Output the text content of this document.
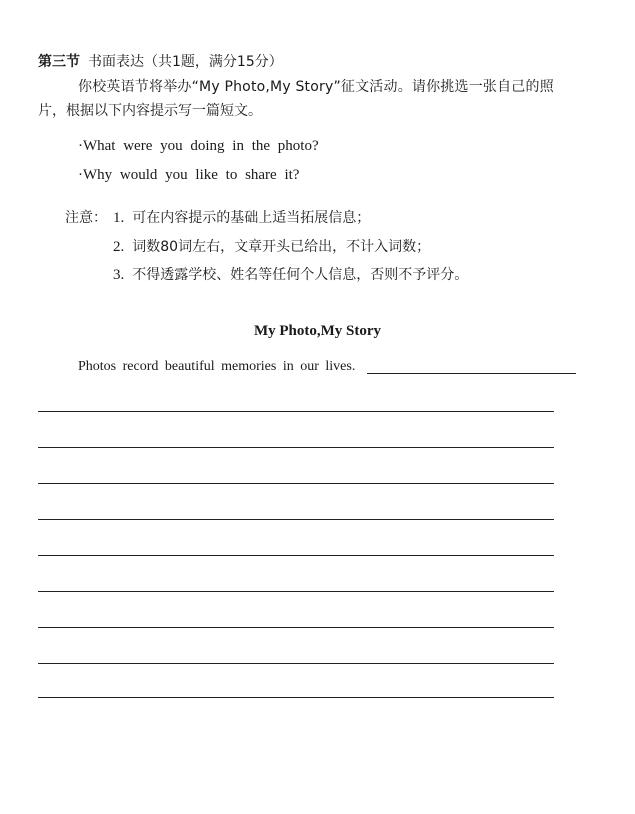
第三节 书面表达（共1题，满分15分）
你校英语节将举办“My Photo,My Story”征文活动。请你挑选一张自己的照
片，根据以下内容提示写一篇短文。
·What were you doing in the photo?
·Why would you like to share it?
注意： 1. 可在内容提示的基础上适当拓展信息；
2. 词数80词左右，文章开头已给出，不计入词数；
3. 不得透露学校、姓名等任何个人信息，否则不予评分。
My Photo,My Story
Photos record beautiful memories in our lives.
